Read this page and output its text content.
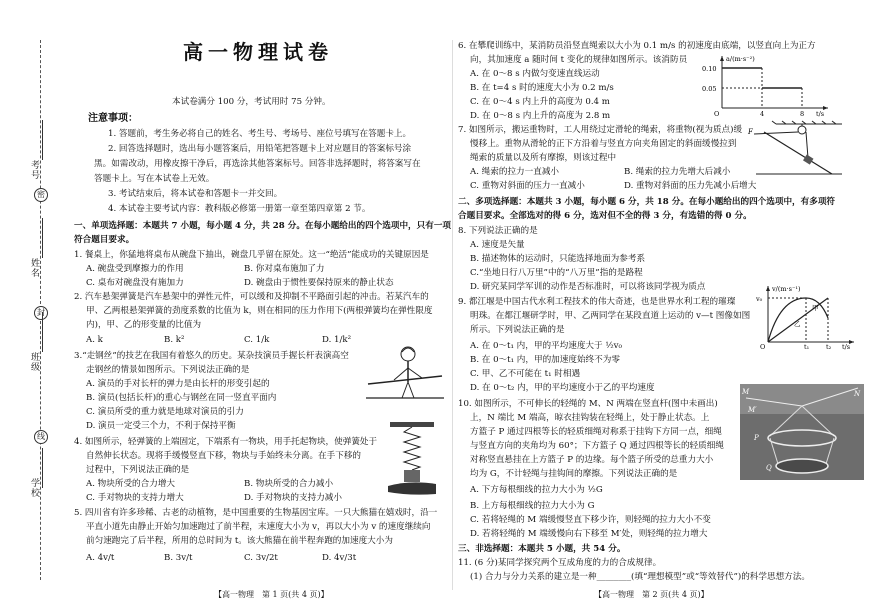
考号
密
姓名
封
班级
线
学校
高一物理试卷

本试卷满分 100 分，考试用时 75 分钟。

注意事项：

1. 答题前，考生务必将自己的姓名、考生号、考场号、座位号填写在答题卡上。

2. 回答选择题时，选出每小题答案后，用铅笔把答题卡上对应题目的答案标号涂

黑。如需改动，用橡皮擦干净后，再选涂其他答案标号。回答非选择题时，将答案写在

答题卡上。写在本试卷上无效。

3. 考试结束后，将本试卷和答题卡一并交回。

4. 本试卷主要考试内容：教科版必修第一册第一章至第四章第 2 节。

一、单项选择题：本题共 7 小题，每小题 4 分，共 28 分。在每小题给出的四个选项中，只有一项

符合题目要求。

1. 餐桌上，你猛地将桌布从碗盘下抽出，碗盘几乎留在原处。这一“绝活”能成功的关键原因是

A. 碗盘受到摩擦力的作用	B. 你对桌布施加了力

C. 桌布对碗盘没有施加力	D. 碗盘由于惯性要保持原来的静止状态

2. 汽车悬架弹簧是汽车悬架中的弹性元件，可以缓和及抑制不平路面引起的冲击。若某汽车的

甲、乙两根悬架弹簧的劲度系数的比值为 k，则在相同的压力作用下(两根弹簧均在弹性限度

内)，甲、乙的形变量的比值为

A. k	B. k²	C. 1/k	D. 1/k²

3.“走钢丝”的技艺在我国有着悠久的历史。某杂技演员手握长杆表演高空

走钢丝的情景如图所示。下列说法正确的是

A. 演员的手对长杆的弹力是由长杆的形变引起的

B. 演员(包括长杆)的重心与钢丝在同一竖直平面内

C. 演员所受的重力就是地球对演员的引力

D. 演员一定受三个力，不利于保持平衡

4. 如图所示，轻弹簧的上端固定，下端系有一物块，用手托起物块，使弹簧处于

自然伸长状态。现将手缓慢竖直下移，物块与手始终未分离。在手下移的

过程中，下列说法正确的是

A. 物块所受的合力增大	B. 物块所受的合力减小

C. 手对物块的支持力增大	D. 手对物块的支持力减小

5. 四川省有许多珍稀、古老的动植物，是中国重要的生物基因宝库。一只大熊猫在嬉戏时，沿一

平直小道先由静止开始匀加速跑过了前半程，末速度大小为 v，再以大小为 v 的速度继续向

前匀速跑完了后半程，所用的总时间为 t。该大熊猫在前半程奔跑的加速度大小为

A. 4v/t	B. 3v/t	C. 3v/2t	D. 4v/3t

【高一物理　第 1 页(共 4 页)】

6. 在攀爬训练中，某消防员沿竖直绳索以大小为 0.1 m/s 的初速度由底端，以竖直向上为正方

向，其加速度 a 随时间 t 变化的规律如图所示。该消防员

A. 在 0～8 s 内做匀变速直线运动

B. 在 t=4 s 时的速度大小为 0.2 m/s

C. 在 0～4 s 内上升的高度为 0.4 m

D. 在 0～8 s 内上升的高度为 2.8 m

a/(m·s⁻²)
0.10
0.05
O	4	8 t/s

7. 如图所示，搬运重物时，工人用绕过定滑轮的绳索，将重物(视为质点)缓

慢移上。重物从滑轮的正下方沿着与竖直方向夹角固定的斜面缓慢拉到

绳索的质量以及所有摩擦，则该过程中

A. 绳索的拉力一直减小	B. 绳索的拉力先增大后减小

C. 重物对斜面的压力一直减小	D. 重物对斜面的压力先减小后增大

F

二、多项选择题：本题共 3 小题，每小题 6 分，共 18 分。在每小题给出的四个选项中，有多项符

合题目要求。全部选对的得 6 分，选对但不全的得 3 分，有选错的得 0 分。

8. 下列说法正确的是

A. 速度是矢量

B. 描述物体的运动时，只能选择地面为参考系

C.“坐地日行八万里”中的“八万里”指的是路程

D. 研究某同学军训的动作是否标准时，可以将该同学视为质点

9. 都江堰是中国古代水利工程技术的伟大奇迹，也是世界水利工程的璀璨

明珠。在都江堰研学时，甲、乙两同学在某段直道上运动的 v—t 图像如图

所示。下列说法正确的是

A. 在 0～t₁ 内，甲的平均速度大于 ½v₀

B. 在 0～t₁ 内，甲的加速度始终不为零

C. 甲、乙不可能在 t₁ 时相遇

D. 在 0～t₂ 内，甲的平均速度小于乙的平均速度

v/(m·s⁻¹)
v₀
甲
乙
O	t₁	t₂ t/s

10. 如图所示，不可伸长的轻绳的 M、N 两端在竖直杆(图中未画出)

上，N 端比 M 端高，晾衣挂钩装在轻绳上，处于静止状态。上

方篮子 P 通过四根等长的轻质细绳对称系于挂钩下方同一点，细绳

与竖直方向的夹角均为 60°；下方篮子 Q 通过四根等长的轻质细绳

对称竖直悬挂在上方篮子 P 的边缘。每个篮子所受的总重力大小

均为 G，不计轻绳与挂钩间的摩擦。下列说法正确的是

A. 下方每根细线的拉力大小为 ½G

B. 上方每根细线的拉力大小为 G

C. 若将轻绳的 M 端缓慢竖直下移少许，则轻绳的拉力大小不变

D. 若将轻绳的 M 端缓慢向右下移至 M′处，则轻绳的拉力增大

M	N
P
Q
M′

三、非选择题：本题共 5 小题，共 54 分。

11. (6 分)某同学探究两个互成角度的力的合成规律。

(1) 合力与分力关系的建立是一种________(填“理想模型”或“等效替代”)的科学思想方法。

【高一物理　第 2 页(共 4 页)】
